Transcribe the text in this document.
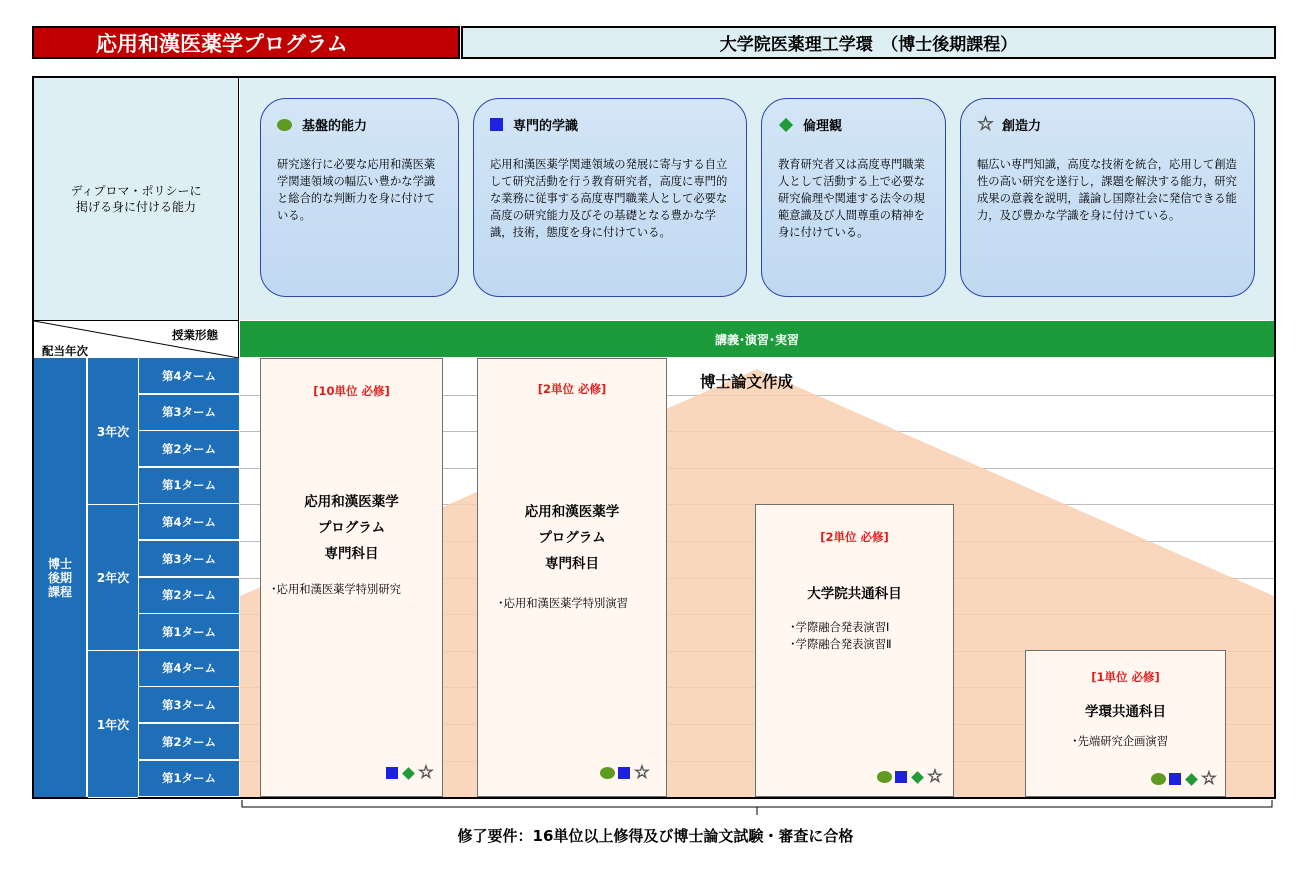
応用和漢医薬学プログラム	大学院医薬理工学環　（博士後期課程）
ディプロマ・ポリシーに
掲げる身に付ける能力
基盤的能力
研究遂行に必要な応用和漢医薬学関連領域の幅広い豊かな学識と総合的な判断力を身に付けている。
専門的学識
応用和漢医薬学関連領域の発展に寄与する自立して研究活動を行う教育研究者，高度に専門的な業務に従事する高度専門職業人として必要な高度の研究能力及びその基礎となる豊かな学識，技術，態度を身に付けている。
倫理観
教育研究者又は高度専門職業人として活動する上で必要な研究倫理や関連する法令の規範意識及び人間尊重の精神を身に付けている。
☆ 創造力
幅広い専門知識，高度な技術を統合，応用して創造性の高い研究を遂行し，課題を解決する能力，研究成果の意義を説明，議論し国際社会に発信できる能力，及び豊かな学識を身に付けている。
授業形態
配当年次
講義･演習･実習
博士
後期
課程
3年次
2年次
1年次
第4ターム
第3ターム
第2ターム
第1ターム
第4ターム
第3ターム
第2ターム
第1ターム
第4ターム
第3ターム
第2ターム
第1ターム
博士論文作成
[10単位 必修]
応用和漢医薬学
プログラム
専門科目
･応用和漢医薬学特別研究
☆
[2単位 必修]
応用和漢医薬学
プログラム
専門科目
･応用和漢医薬学特別演習
☆
[2単位 必修]
大学院共通科目
･学際融合発表演習Ⅰ
･学際融合発表演習Ⅱ
☆
[1単位 必修]
学環共通科目
･先端研究企画演習
☆
修了要件：16単位以上修得及び博士論文試験・審査に合格
